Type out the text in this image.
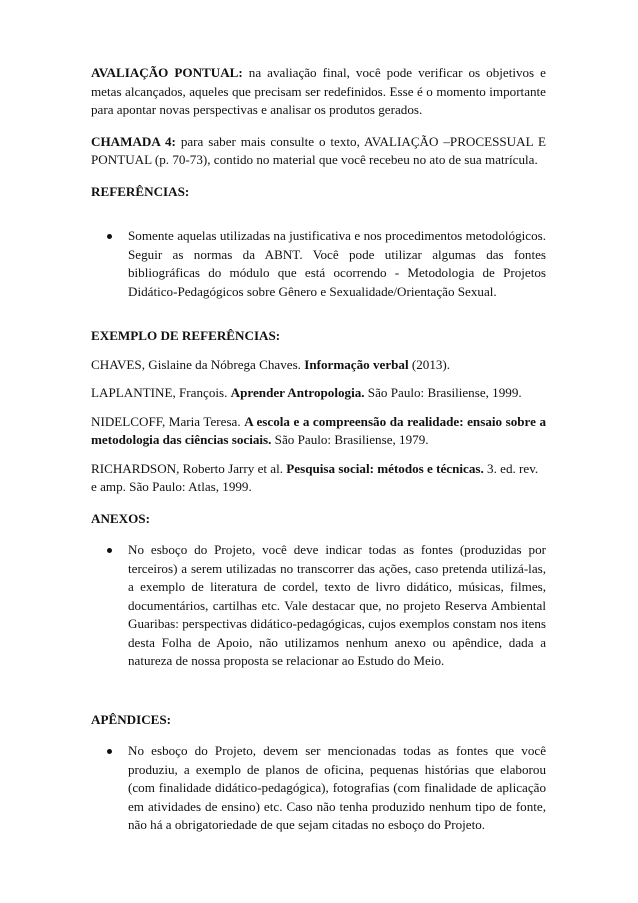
AVALIAÇÃO PONTUAL: na avaliação final, você pode verificar os objetivos e metas alcançados, aqueles que precisam ser redefinidos. Esse é o momento importante para apontar novas perspectivas e analisar os produtos gerados.

CHAMADA 4: para saber mais consulte o texto, AVALIAÇÃO –PROCESSUAL E PONTUAL (p. 70-73), contido no material que você recebeu no ato de sua matrícula.

REFERÊNCIAS:

Somente aquelas utilizadas na justificativa e nos procedimentos metodológicos. Seguir as normas da ABNT. Você pode utilizar algumas das fontes bibliográficas do módulo que está ocorrendo - Metodologia de Projetos Didático-Pedagógicos sobre Gênero e Sexualidade/Orientação Sexual.

EXEMPLO DE REFERÊNCIAS:

CHAVES, Gislaine da Nóbrega Chaves. Informação verbal (2013).

LAPLANTINE, François. Aprender Antropologia. São Paulo: Brasiliense, 1999.

NIDELCOFF, Maria Teresa. A escola e a compreensão da realidade: ensaio sobre a metodologia das ciências sociais. São Paulo: Brasiliense, 1979.

RICHARDSON, Roberto Jarry et al. Pesquisa social: métodos e técnicas. 3. ed. rev. e amp. São Paulo: Atlas, 1999.

ANEXOS:

No esboço do Projeto, você deve indicar todas as fontes (produzidas por terceiros) a serem utilizadas no transcorrer das ações, caso pretenda utilizá-las, a exemplo de literatura de cordel, texto de livro didático, músicas, filmes, documentários, cartilhas etc. Vale destacar que, no projeto Reserva Ambiental Guaribas: perspectivas didático-pedagógicas, cujos exemplos constam nos itens desta Folha de Apoio, não utilizamos nenhum anexo ou apêndice, dada a natureza de nossa proposta se relacionar ao Estudo do Meio.

APÊNDICES:

No esboço do Projeto, devem ser mencionadas todas as fontes que você produziu, a exemplo de planos de oficina, pequenas histórias que elaborou (com finalidade didático-pedagógica), fotografias (com finalidade de aplicação em atividades de ensino) etc. Caso não tenha produzido nenhum tipo de fonte, não há a obrigatoriedade de que sejam citadas no esboço do Projeto.
